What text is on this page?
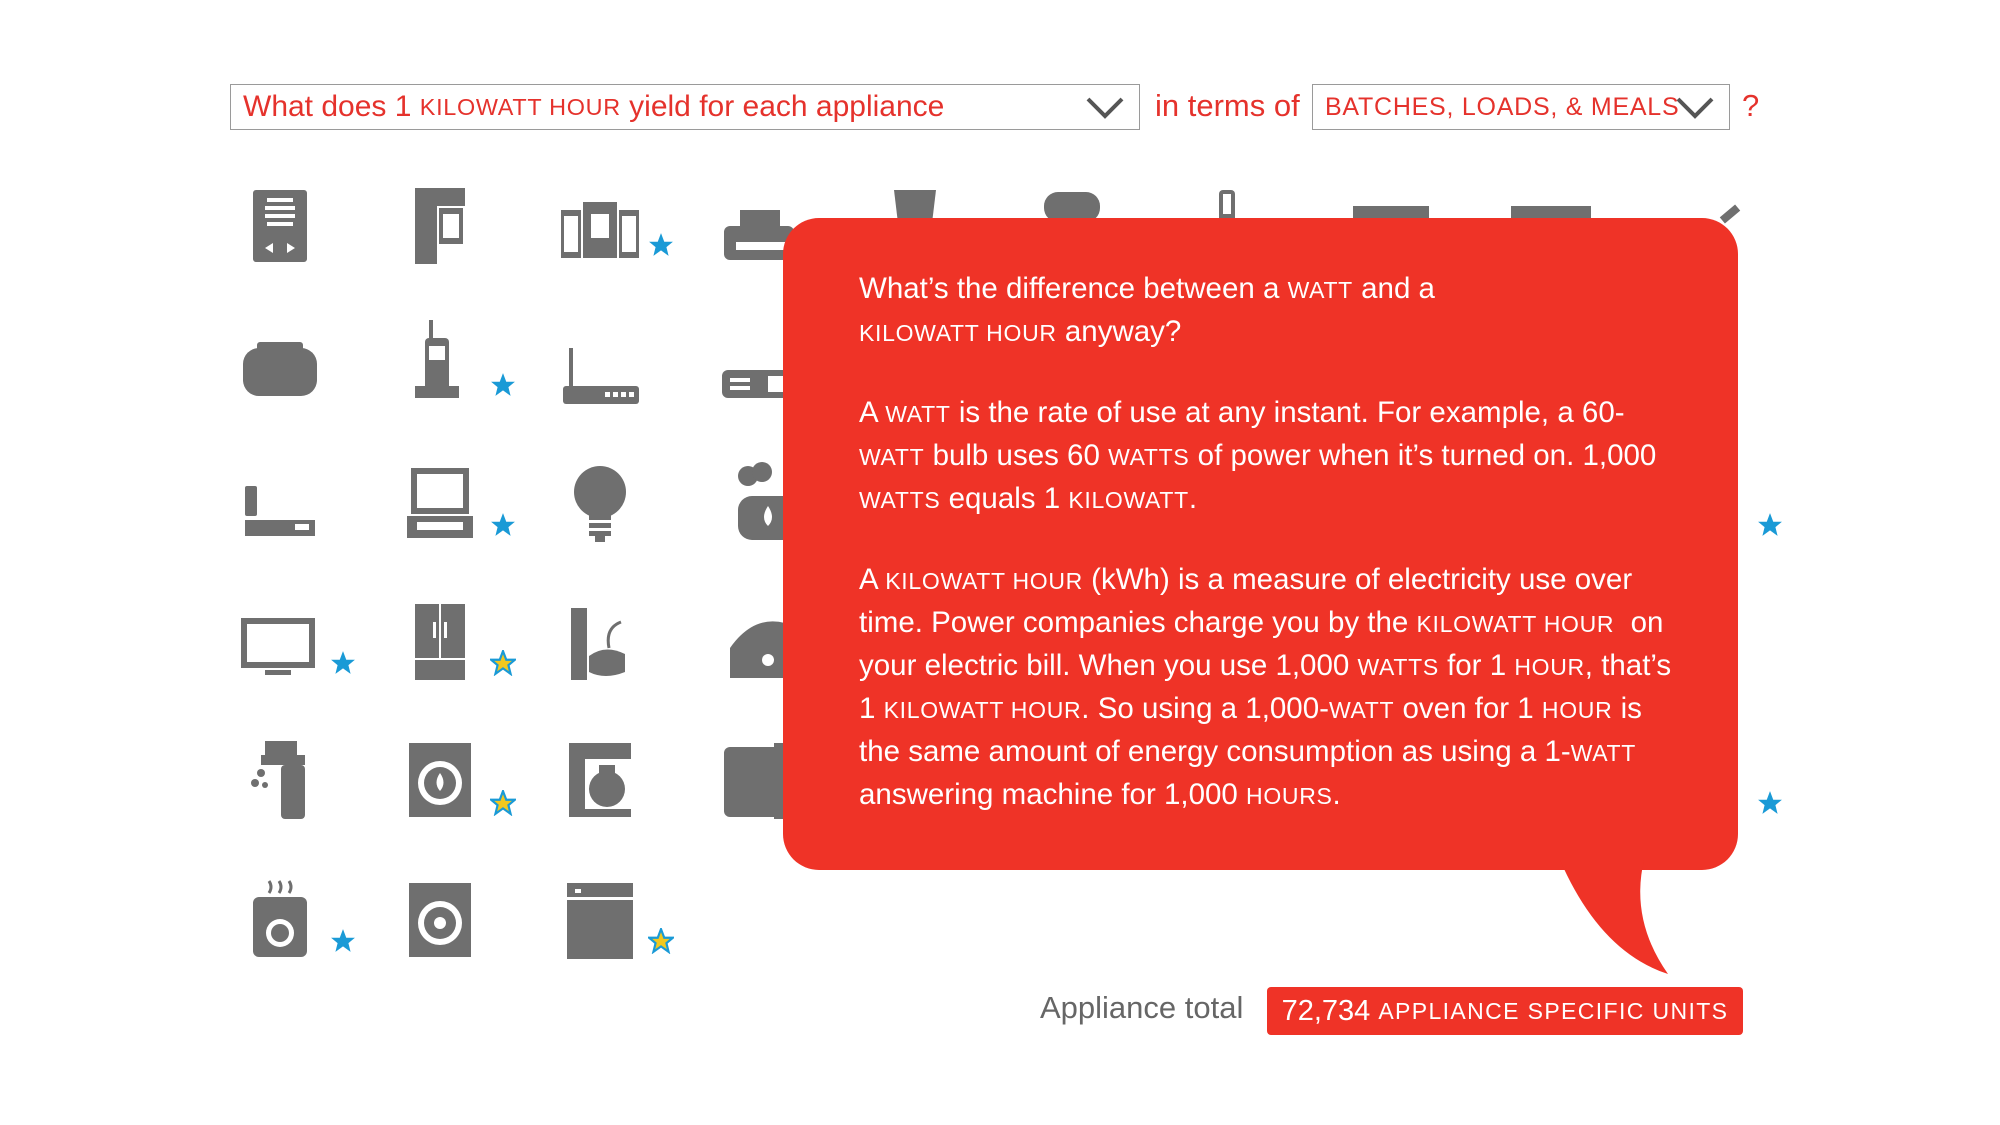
What does 1
KILOWATT HOUR
yield for each appliance	in terms of BATCHES, LOADS, & MEALS ?

What’s the difference between a WATT and a
KILOWATT HOUR anyway?

A WATT is the rate of use at any instant. For example, a 60-
WATT bulb uses 60 WATTS of power when it’s turned on. 1,000 WATTS equals 1 KILOWATT.

A KILOWATT HOUR (kWh) is a measure of electricity use over time. Power companies charge you by the KILOWATT HOUR on your electric bill. When you use 1,000 WATTS for 1 HOUR, that’s 1 KILOWATT HOUR. So using a 1,000-WATT oven for 1 HOUR is the same amount of energy consumption as using a 1-WATT answering machine for 1,000 HOURS.

Appliance total 72,734 APPLIANCE SPECIFIC UNITS
